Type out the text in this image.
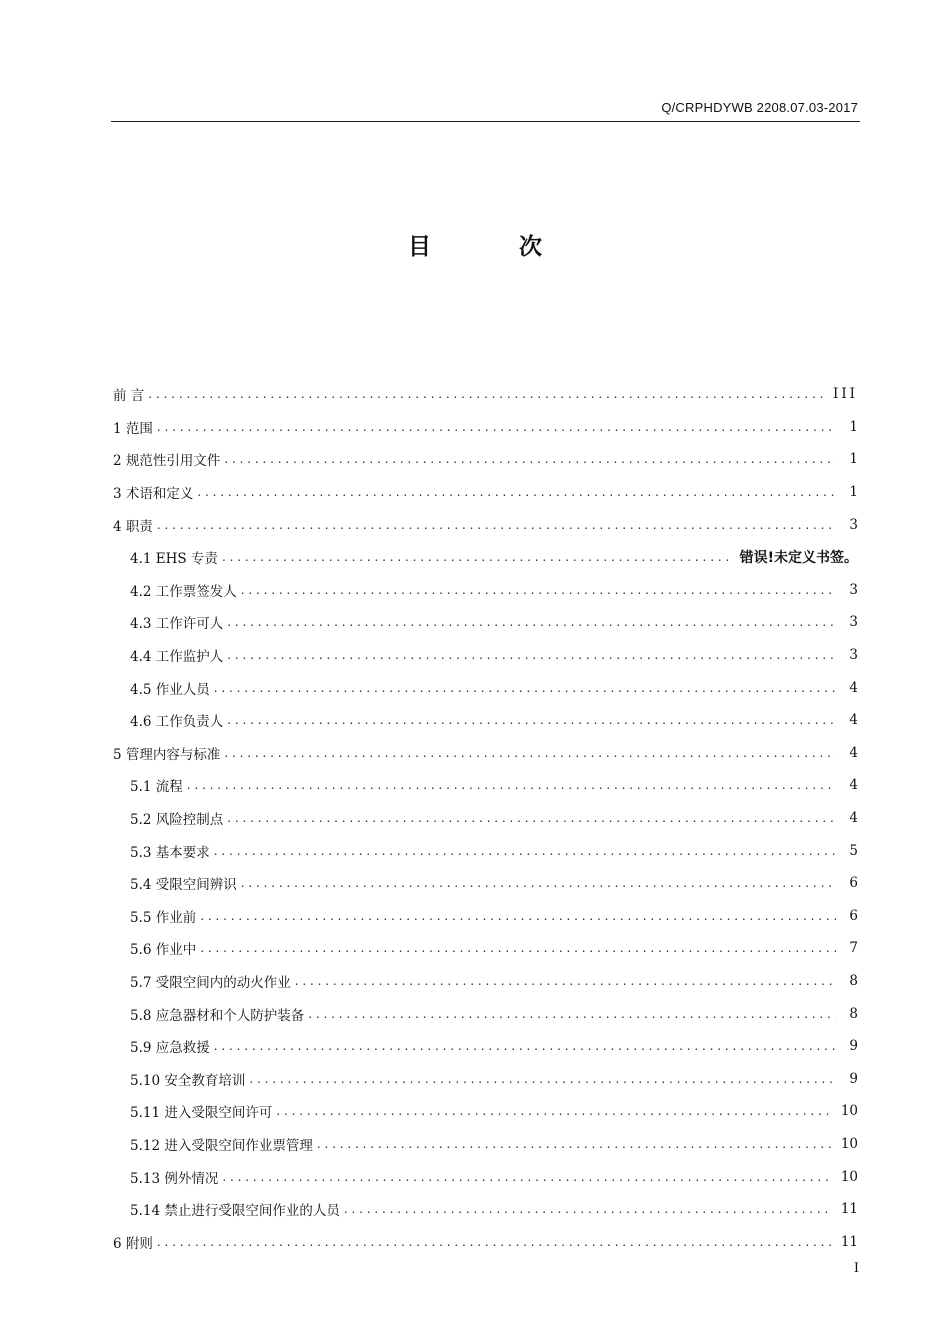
Q/CRPHDYWB 2208.07.03-2017
目 次
前 言 . . .	III
1 范围 . . .	1
2 规范性引用文件 . . .	1
3 术语和定义 . . .	1
4 职责 . . .	3
4.1 EHS 专责 . . .	错误!未定义书签。
4.2 工作票签发人 . . .	3
4.3 工作许可人 . . .	3
4.4 工作监护人 . . .	3
4.5 作业人员 . . .	4
4.6 工作负责人 . . .	4
5 管理内容与标准 . . .	4
5.1 流程 . . .	4
5.2 风险控制点 . . .	4
5.3 基本要求 . . .	5
5.4 受限空间辨识 . . .	6
5.5 作业前 . . .	6
5.6 作业中 . . .	7
5.7 受限空间内的动火作业 . . .	8
5.8 应急器材和个人防护装备 . . .	8
5.9 应急救援 . . .	9
5.10 安全教育培训 . . .	9
5.11 进入受限空间许可 . . .	10
5.12 进入受限空间作业票管理 . . .	10
5.13 例外情况 . . .	10
5.14 禁止进行受限空间作业的人员 . . .	11
6 附则 . . .	11
I
